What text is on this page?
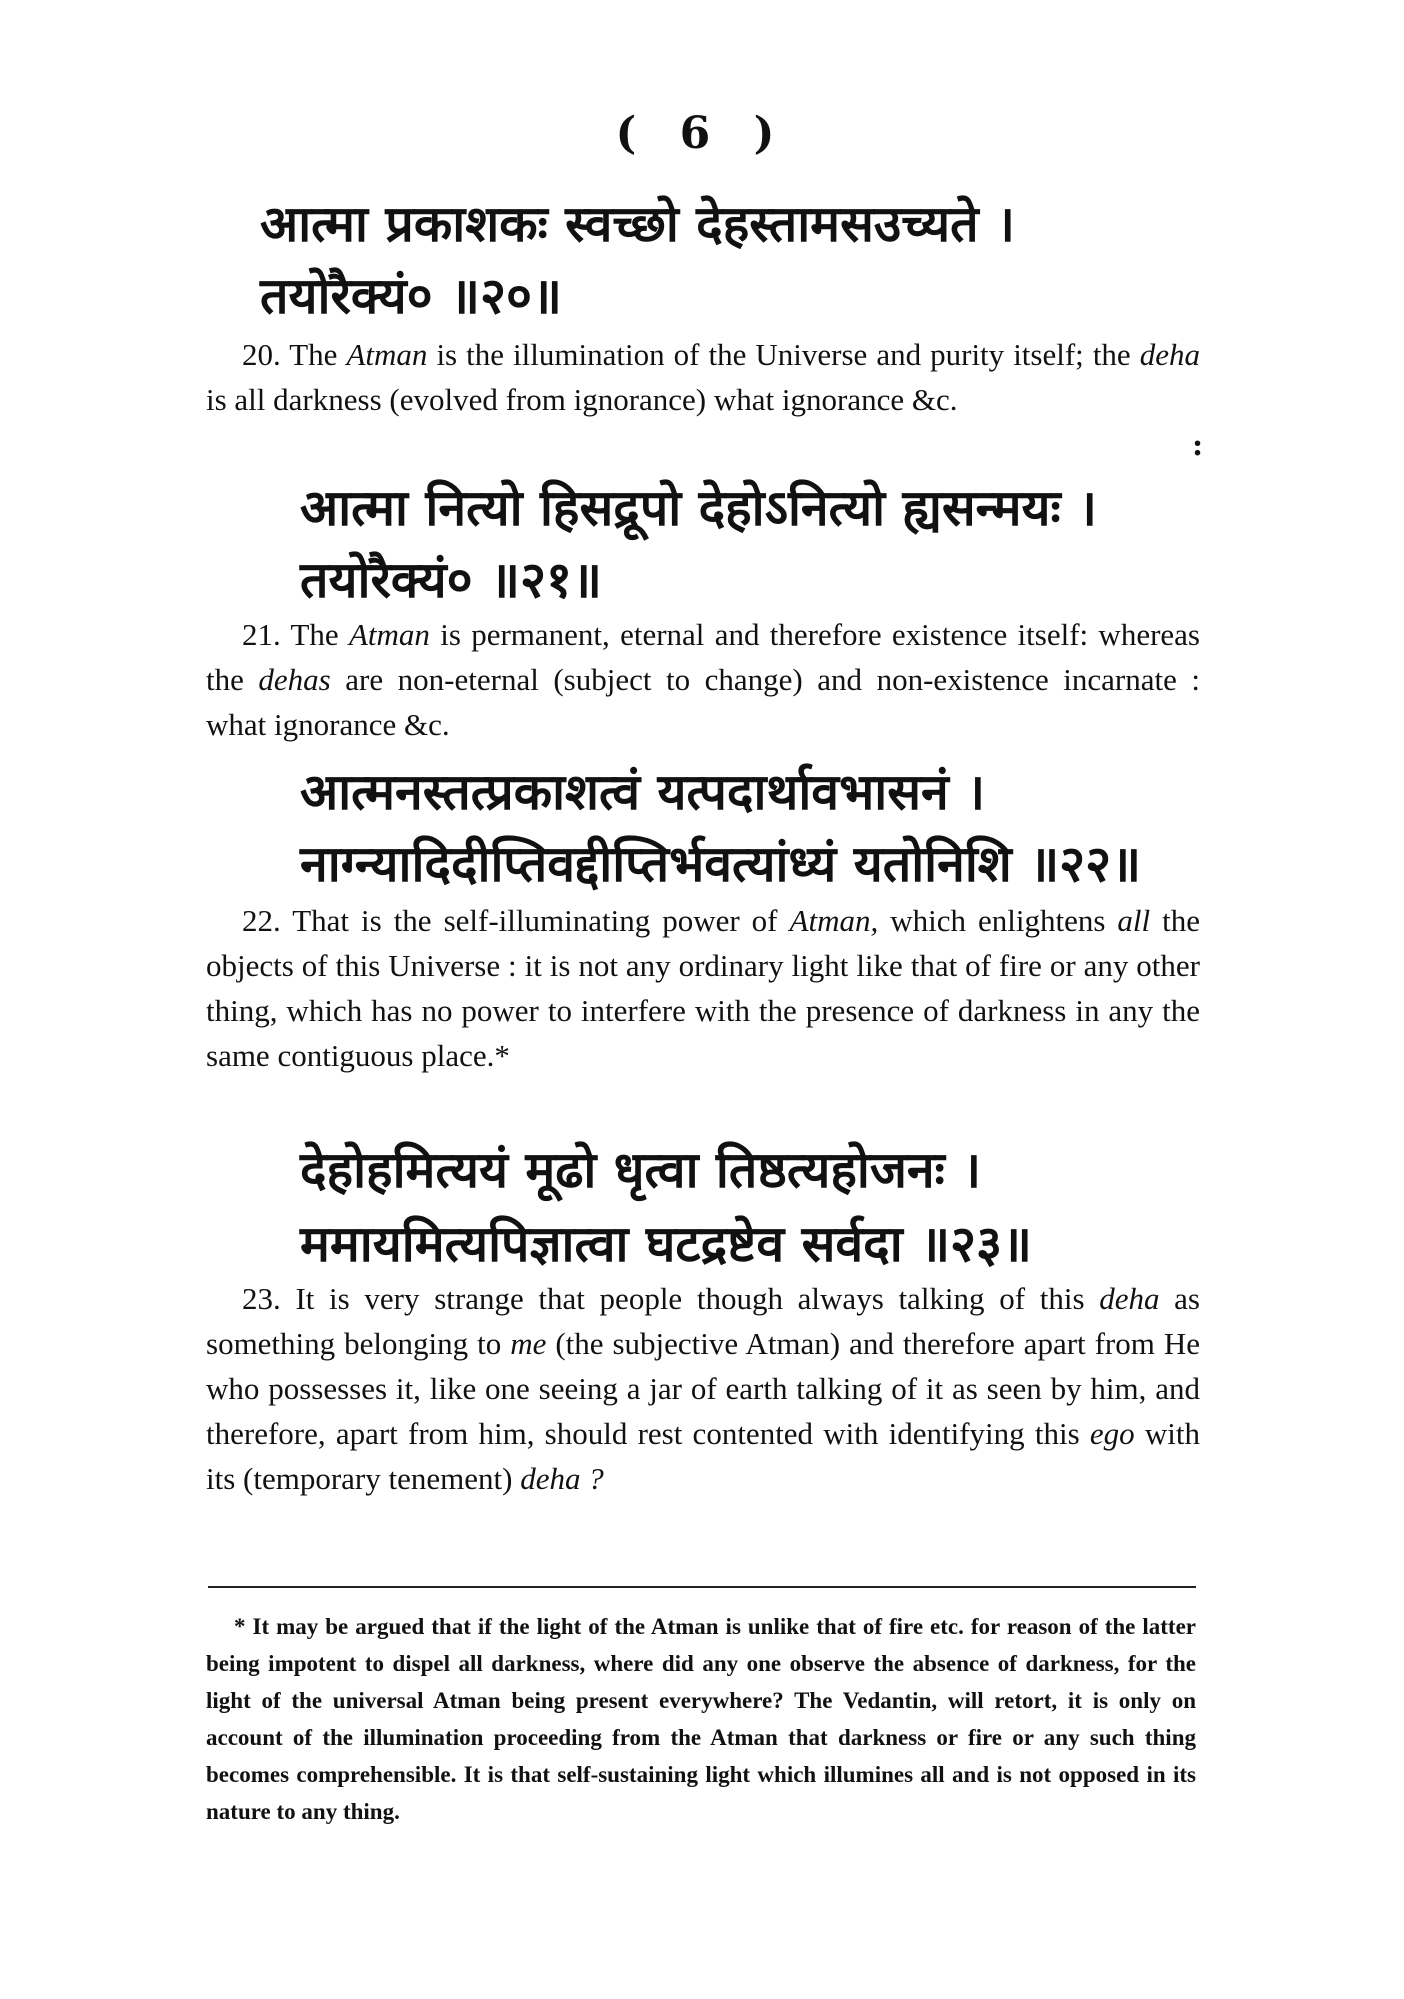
( 6 )
आत्मा प्रकाशकः स्वच्छो देहस्तामसउच्यते ।
तयोरैक्यं० ॥२०॥
20. The Atman is the illumination of the Universe and purity itself; the deha is all darkness (evolved from ignorance) what ignorance &c.
:
आत्मा नित्यो हिसद्रूपो देहोऽनित्यो ह्यसन्मयः ।
तयोरैक्यं० ॥२१॥
21. The Atman is permanent, eternal and therefore existence itself: whereas the dehas are non-eternal (subject to change) and non-existence incarnate : what ignorance &c.
आत्मनस्तत्प्रकाशत्वं यत्पदार्थावभासनं ।
नाग्न्यादिदीप्तिवद्दीप्तिर्भवत्यांध्यं यतोनिशि ॥२२॥
22. That is the self-illuminating power of Atman, which enlightens all the objects of this Universe : it is not any ordinary light like that of fire or any other thing, which has no power to interfere with the presence of darkness in any the same contiguous place.*
देहोहमित्ययं मूढो धृत्वा तिष्ठत्यहोजनः ।
ममायमित्यपिज्ञात्वा घटद्रष्टेव सर्वदा ॥२३॥
23. It is very strange that people though always talking of this deha as something belonging to me (the subjective Atman) and therefore apart from He who possesses it, like one seeing a jar of earth talking of it as seen by him, and therefore, apart from him, should rest contented with identifying this ego with its (temporary tenement) deha ?
* It may be argued that if the light of the Atman is unlike that of fire etc. for reason of the latter being impotent to dispel all darkness, where did any one observe the absence of darkness, for the light of the universal Atman being present everywhere? The Vedantin, will retort, it is only on account of the illumination proceeding from the Atman that darkness or fire or any such thing becomes comprehensible. It is that self-sustaining light which illumines all and is not opposed in its nature to any thing.
